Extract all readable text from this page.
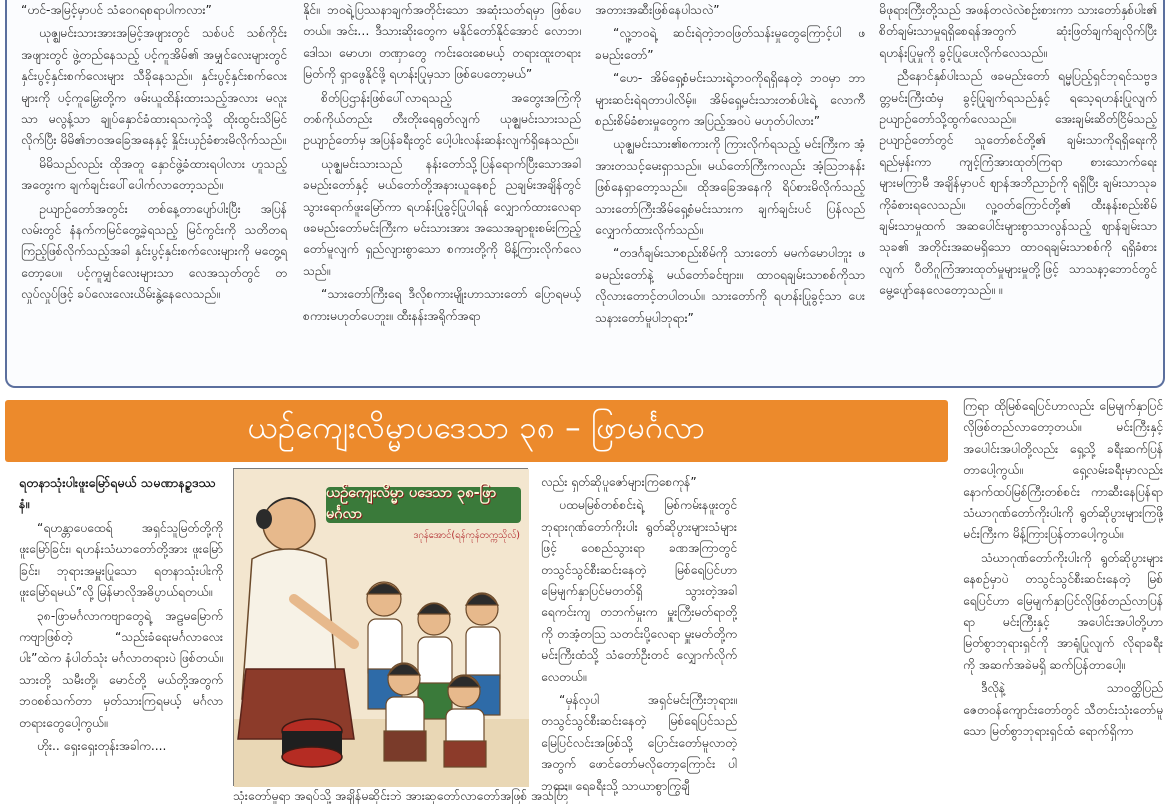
“ဟင်-အမြင့်မှာပင် သံဝေဂရစရာပါကလား”

ယုဇ္ဈမင်းသားအားအမြင့်အဖျားတွင် သစ်ပင် သစ်ကိုင်းအဖျားတွင် ဖွဲ့တည်နေသည့် ပင့်ကူအိမ်၏ အမျှင်လေးများတွင် နှင်းပွင့်နှင်းစက်လေးများ သီခိုနေသည်။ နှင်းပွင့်နှင်းစက်လေးများကို ပင့်ကူမြှေးတို့က ဖမ်းယူထိန်းထားသည့်အလား မလူးသာ မလွန့်သာ ချုပ်နှောင်ခံထားရသကဲ့သို့ ထိုးထွင်းသိမြင်လိုက်ပြီး မိမိ၏ဘဝအခြေအနေနှင့် နှိုင်းယှဉ်ခံစားမိလိုက်သည်။

မိမိသည်လည်း ထိုအတူ နှောင်ဖွဲ့ခံထားရပါလား ဟူသည့်အတွေးက ချက်ချင်းပေါ်ပေါက်လာတော့သည်။

ဥယျာဉ်တော်အတွင်း တစ်နေ့တာပျော်ပါးပြီး အပြန်လမ်းတွင် နံနက်ကမြင်တွေ့ခဲ့ရသည့် မြင်ကွင်းကို သတိတရကြည့်ဖြစ်လိုက်သည့်အခါ နှင်းပွင့်နှင်းစက်လေးများကို မတွေ့ရတော့ပေ။ ပင့်ကူမျှင်လေးများသာ လေအသုတ်တွင် တလှုပ်လှုပ်ဖြင့် ခပ်လေးလေးယိမ်းနွဲ့နေလေသည်။

နိုင်။ ဘဝရဲ့ပြဿနာချက်အတိုင်းသော အဆုံးသတ်ရမှာ ဖြစ်ပေတယ်။ အင်း… ဒီသားဆိုးတွေက မနိုင်တော်နိုင်အောင် လောဘ၊ ဒေါသ၊ မောဟ၊ တဏှာတွေ ကင်းဝေးစေမယ့် တရားထူးတရားမြတ်ကို ရှာဖွေနိုင်ဖို့ ရဟန်းပြုမှသာ ဖြစ်ပေတော့မယ်”

စိတ်ပြဌာန်းဖြစ်ပေါ်လာရသည့် အတွေးအကြံကို တစ်ကိုယ်တည်း တီးတိုးရေရွတ်လျက် ယုဇ္ဈမင်းသားသည် ဥယျာဉ်တော်မှ အပြန်ခရီးတွင် ပေါ့ပါးလန်းဆန်းလျက်ရှိနေသည်။

ယုဇ္ဈမင်းသားသည် နန်းတော်သို့ပြန်ရောက်ပြီးသောအခါ ခမည်းတော်နှင့် မယ်တော်တို့အနားယူနေစဉ် ညချမ်းအချိန်တွင် သွားရောက်ဖူးမြော်ကာ ရဟန်းပြုခွင့်ပြုပါရန် လျှောက်ထားလေရာ ဖခမည်းတော်မင်းကြီးက မင်းသားအား အသေအချာစူးစမ်းကြည့်တော်မူလျက် ရှည်လျားစွာသော စကားတို့ကို မိန့်ကြားလိုက်လေသည်။

“သားတော်ကြီးရေ ဒီလိုစကားမျိုးဟာသားတော် ပြောရမယ့်စကားမဟုတ်ပေဘူး။ ထီးနန်းအရိုက်အရာ

အတားအဆီးဖြစ်နေပါသလဲ”

“လူ့ဘဝရဲ့ ဆင်းရဲတဲ့ဘဝဖြတ်သန်းမှုတွေကြောင့်ပါ ဖခမည်းတော်”

“ဟေ- အိမ်ရှေ့စံမင်းသားရဲ့ဘဝကိုရရှိနေတဲ့ ဘဝမှာ ဘာများဆင်းရဲရတာပါလိမ့်။ အိမ်ရှေ့မင်းသားတစ်ပါးရဲ့ လောကီစည်းစိမ်ခံစားမှုတွေက အပြည့်အဝပဲ မဟုတ်ပါလား”

ယုဇ္ဈမင်းသား၏စကားကို ကြားလိုက်ရသည့် မင်းကြီးက အံ့အားတသင့်မေးရှာသည်။ မယ်တော်ကြီးကလည်း အံ့သြဘနန်းဖြစ်နေရှာတော့သည်။ ထိုအခြေအနေကို ရိပ်စားမိလိုက်သည့် သားတော်ကြီးအိမ်ရှေ့စံမင်းသားက ချက်ချင်းပင် ပြန်လည်လျှောက်ထားလိုက်သည်။

“တဒင်္ဂချမ်းသာစည်းစိမ်ကို သားတော် မမက်မောပါဘူး ဖခမည်းတော်နဲ့ မယ်တော်ခင်ဗျား။ ထာဝရချမ်းသာစစ်ကိုသာ လိုလားတောင့်တပါတယ်။ သားတော်ကို ရဟန်းပြုခွင့်သာ ပေးသနားတော်မူပါဘုရား”

မိဖုရားကြီးတို့သည် အဖန်တလဲလဲစဉ်းစားကာ သားတော်နှစ်ပါး၏ စိတ်ချမ်းသာမှုရရှိစေရန်အတွက် ဆုံးဖြတ်ချက်ချလိုက်ပြီး ရဟန်းပြုမှုကို ခွင့်ပြုပေးလိုက်လေသည်။

ညီနောင်နှစ်ပါးသည် ဖခမည်းတော် ရမ္မပြည့်ရှင်ဘုရင်သဗ္ဗဒတ္တမင်းကြီးထံမှ ခွင့်ပြုချက်ရသည်နှင့် ရသေ့ရဟန်းပြုလျက်ဥယျာဉ်တော်သို့ထွက်လေသည်။ အေးချမ်းဆိတ်ငြိမ်သည့် ဥယျာဉ်တော်တွင် သူတော်စင်တို့၏ ချမ်းသာကိုရရှိရေးကိုရည်မှန်းကာ ကျင့်ကြံအားထုတ်ကြရာ စားသောက်ရေး များမကြာမီ အချိန်မှာပင် ဈာန်အဘိညာဉ်ကို ရရှိပြီး ချမ်းသာသုခကိုခံစားရလေသည်။ လူ့ဝတ်ကြောင်တို့၏ ထီးနန်းစည်းစိမ်ချမ်းသာမှုထက် အဆပေါင်းများစွာသာလွန်သည့် ဈာန်ချမ်းသာသုခ၏ အတိုင်းအဆမရှိသော ထာဝရချမ်းသာစစ်ကို ရရှိခံစားလျက် ပီတိဂူကြံအားထုတ်မှုများမှုတို့ဖြင့် သာသနာ့ဘောင်တွင် မွေ့ပျော်နေလေတော့သည်။ ။

ယဉ်ကျေးလိမ္မာပဒေသာ ၃၈ – ဖြာမင်္ဂလာ

ရတနာသုံးပါးဖူးမြော်ရမယ် သမဏာနဉ္စဒဿနံ။

“ရဟန္တာပေထေရ် အရှင်သူမြတ်တို့ကို ဖူးမြော်ခြင်း၊ ရဟန်းသံဃာတော်တို့အား ဖူးမြော်ခြင်း၊ ဘုရားအမှူးပြုသော ရတနာသုံးပါးကို ဖူးမြော်ရမယ်”လို့ မြန်မာလိုအဓိပ္ပာယ်ရတယ်။

၃၈-ဖြာမင်္ဂလာကဗျာတွေရဲ့ အဠမမြောက်ကဗျာဖြစ်တဲ့ “သည်းခံရေးမင်္ဂလာလေးပါး”ထဲက နံပါတ်သုံး မင်္ဂလာတရားပဲ ဖြစ်တယ်။ သားတို့ သမီးတို့၊ မောင်တို့ မယ်တို့အတွက် ဘဝစစ်သက်တာ မှတ်သားကြရမယ့် မင်္ဂလာတရားတွေပေါ့ကွယ်။

ဟိုး.. ရှေးရှေးတုန်းအခါက....

ယဉ်ကျေးလိမ္မာ ပဒေသာ ၃၈-ဖြာ မင်္ဂလာ
ဒဂုန်အောင်(ရန်ကုန်တက္ကသိုလ်)
သုံးတော်မူရာ အရပ်သို့ အချိန်မဆိုင်းဘဲ အားဆုတော်လာတော်အဖြစ် အသဟြ

လည်း ရှတ်ဆိုပူဇော်များကြစေကုန်”

ပထမမြစ်တစ်စင်းရဲ့ မြစ်ကမ်းနဖူးတွင် ဘုရားဂုဏ်တော်ကိုးပါး ရွတ်ဆိုပွားများသံများဖြင့် ဝေစည်သွားရာ ခဏအကြာတွင် တသွင်သွင်စီးဆင်းနေတဲ့ မြစ်ရေပြင်ဟာ မြေမျက်နှာပြင်မတတ်ရှိ သွားတဲ့အခါ ရေကင်းကျ တဘက်မှုးက မှူးကြီးမတ်ရာတို့ကို တအံ့တသြ သတင်းပို့လေရာ မှူးမတ်တို့ကမင်းကြီးထံသို့ သံတော်ဦးတင် လျှောက်လိုက်လေတယ်။

“မှန်လှပါ အရှင်မင်းကြီးဘုရား။ တသွင်သွင်စီးဆင်းနေတဲ့ မြစ်ရေပြင်သည် မြေပြင်လင်းအဖြစ်သို့ ပြောင်းတော်မူလာတဲ့အတွက် ဖောင်တော်မလိုတော့ကြောင်း ပါဘုရား။ ရေခရီးသို့ သာယာစွာကြွချီ

ကြရာ ထိုမြစ်ရေပြင်ဟာလည်း မြေမျက်နှာပြင်လိုဖြစ်တည်လာတော့တယ်။ မင်းကြီးနှင့် အပေါင်းအပါတို့လည်း ရှေ့သို့ ခရီးဆက်ပြန်တာပေါ့ကွယ်။ ရှေ့လမ်းခရီးမှာလည်း နောက်ထပ်မြစ်ကြီးတစ်စင်း ကာဆီးနေပြန်ရာ သံဃာဂုဏ်တော်ကိုးပါးကို ရွတ်ဆိုပွားများကြဖို့ မင်းကြီးက မိန့်ကြားပြန်တာပေါ့ကွယ်။

သံဃာဂုဏ်တော်ကိုးပါးကို ရွတ်ဆိုပွားများနေစဉ်မှာပဲ တသွင်သွင်စီးဆင်းနေတဲ့ မြစ်ရေပြင်ဟာ မြေမျက်နှာပြင်လိုဖြစ်တည်လာပြန်ရာ မင်းကြီးနှင့် အပေါင်းအပါတို့ဟာ မြတ်စွာဘုရားရှင်ကို အာရုံပြုလျက် လိုရာခရီးကို အဆက်အခဲမရှိ ဆက်ပြန်တာပေါ့။

ဒီလိုနဲ့ သာဝတ္ထိပြည် ဇေတဝန်ကျောင်းတော်တွင် သီတင်းသုံးတော်မူသော မြတ်စွာဘုရားရှင်ထံ ရောက်ရှိကာ
